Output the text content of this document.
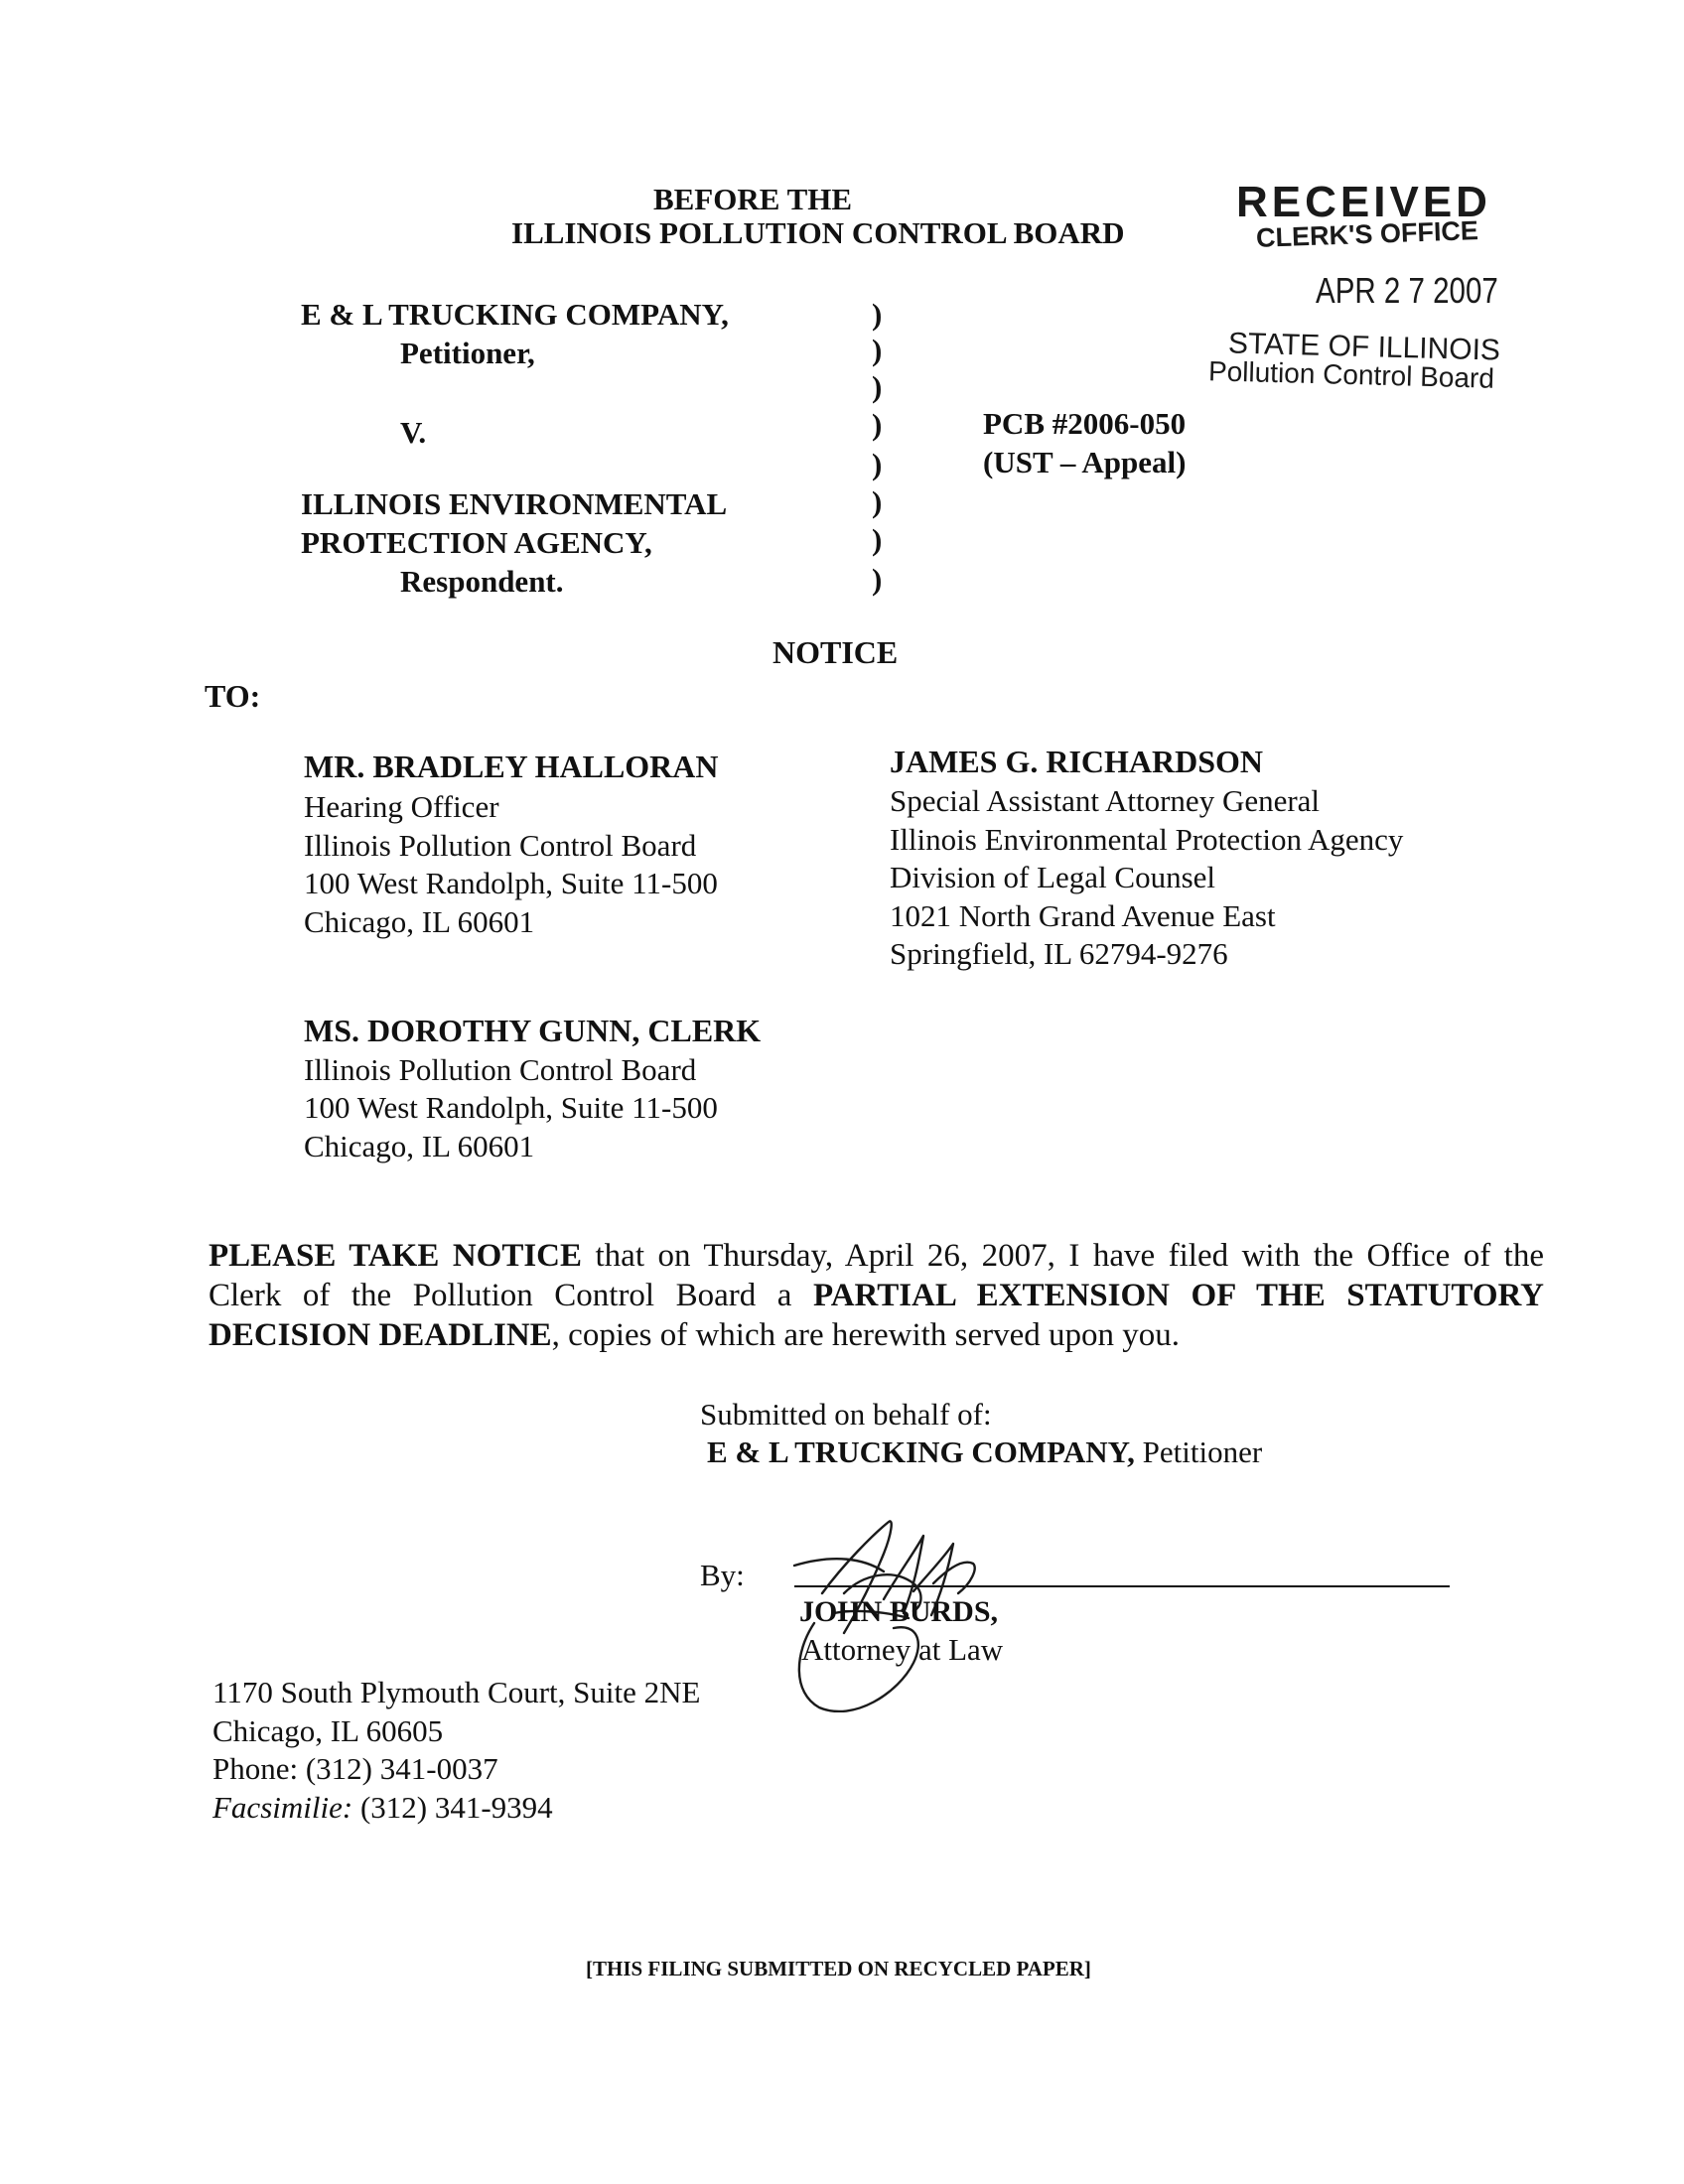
BEFORE THE
ILLINOIS POLLUTION CONTROL BOARD
RECEIVED
CLERK'S OFFICE
APR 2 7 2007
STATE OF ILLINOIS
Pollution Control Board
E & L TRUCKING COMPANY,
Petitioner,
V.
ILLINOIS ENVIRONMENTAL
PROTECTION AGENCY,
Respondent.
)
)
)
)
)
)
)
)
PCB #2006-050
(UST – Appeal)
NOTICE
TO:
MR. BRADLEY HALLORAN
Hearing Officer
Illinois Pollution Control Board
100 West Randolph, Suite 11-500
Chicago, IL 60601
JAMES G. RICHARDSON
Special Assistant Attorney General
Illinois Environmental Protection Agency
Division of Legal Counsel
1021 North Grand Avenue East
Springfield, IL 62794-9276
MS. DOROTHY GUNN, CLERK
Illinois Pollution Control Board
100 West Randolph, Suite 11-500
Chicago, IL 60601
PLEASE TAKE NOTICE that on Thursday, April 26, 2007, I have filed with the Office of the
Clerk of the Pollution Control Board a PARTIAL EXTENSION OF THE STATUTORY
DECISION DEADLINE, copies of which are herewith served upon you.
Submitted on behalf of:
E & L TRUCKING COMPANY, Petitioner
By:
JOHN BURDS,
Attorney at Law
1170 South Plymouth Court, Suite 2NE
Chicago, IL 60605
Phone: (312) 341-0037
Facsimilie: (312) 341-9394
[THIS FILING SUBMITTED ON RECYCLED PAPER]
